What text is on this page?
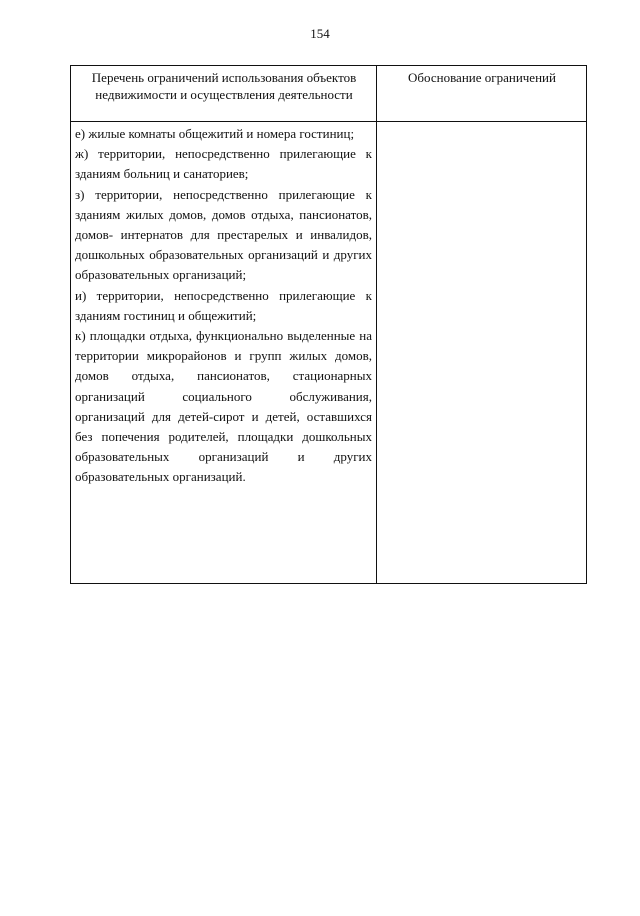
154
Перечень ограничений использования объектов недвижимости и осуществления деятельности
Обоснование ограничений

е) жилые комнаты общежитий и номера гостиниц;

ж) территории, непосредственно прилегающие к зданиям больниц и санаториев;

з) территории, непосредственно прилегающие к зданиям жилых домов, домов отдыха, пансионатов, домов- интернатов для престарелых и инвалидов, дошкольных образовательных организаций и других образовательных организаций;

и) территории, непосредственно прилегающие к зданиям гостиниц и общежитий;

к) площадки отдыха, функционально выделенные на территории микрорайонов и групп жилых домов, домов отдыха, пансионатов, стационарных организаций социального обслуживания, организаций для детей-сирот и детей, оставшихся без попечения родителей, площадки дошкольных образовательных организаций и других образовательных организаций.
